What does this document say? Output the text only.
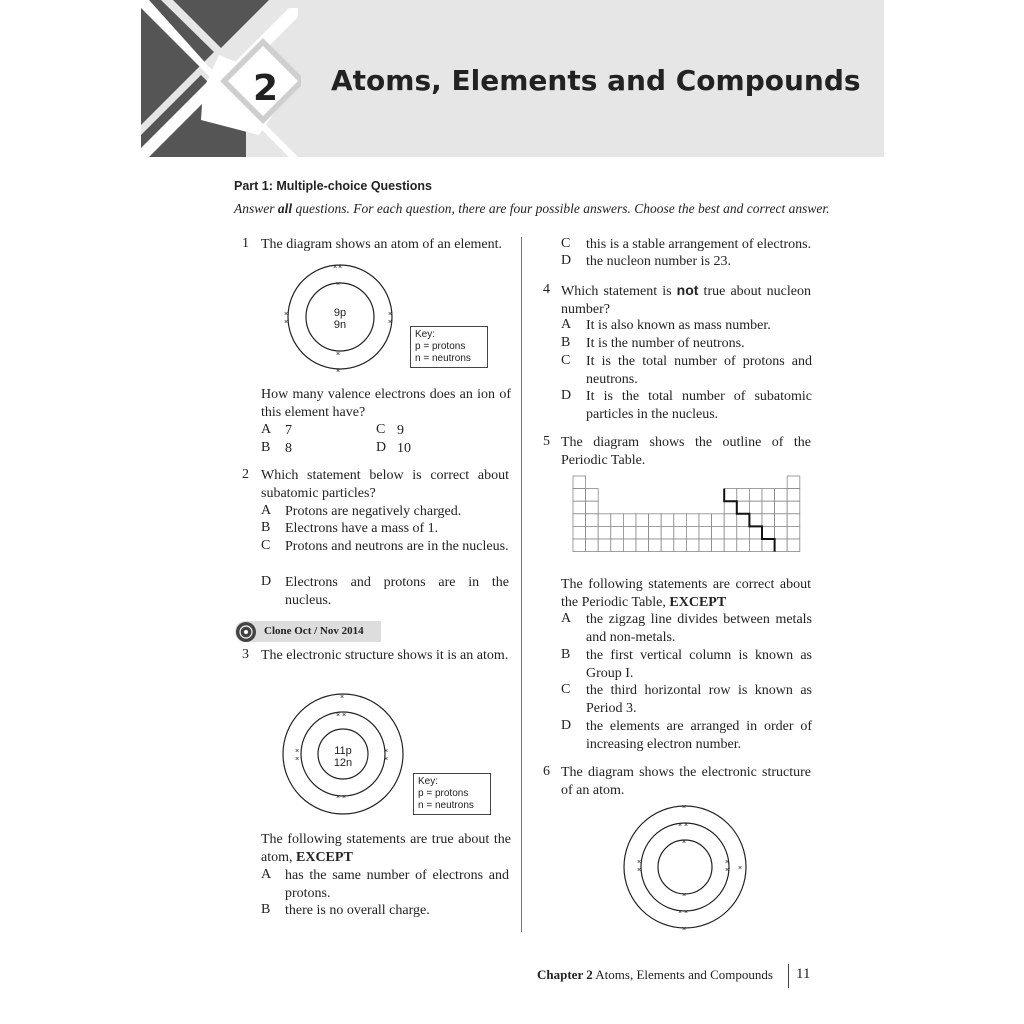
2 Atoms, Elements and Compounds
Part 1: Multiple-choice Questions
Answer all questions. For each question, there are four possible answers. Choose the best and correct answer.
1 The diagram shows an atom of an element.
× ×
×
×
×
×
×
×
×
9p
9n
Key:
p = protons
n = neutrons
How many valence electrons does an ion of this element have?
A 7	C 9
B 8	D 10
2 Which statement below is correct about subatomic particles?
A Protons are negatively charged.
B Electrons have a mass of 1.
C Protons and neutrons are in the nucleus.
D Electrons and protons are in the nucleus.
Clone Oct / Nov 2014
3 The electronic structure shows it is an atom.
×
× ×
×
×
×
×
× ×
11p
12n
Key:
p = protons
n = neutrons
The following statements are true about the atom, EXCEPT
A has the same number of electrons and protons.
B there is no overall charge.
C this is a stable arrangement of electrons.
D the nucleon number is 23.
4 Which statement is not true about nucleon number?
A It is also known as mass number.
B It is the number of neutrons.
C It is the total number of protons and neutrons.
D It is the total number of subatomic particles in the nucleus.
5 The diagram shows the outline of the Periodic Table.
The following statements are correct about the Periodic Table, EXCEPT
A the zigzag line divides between metals and non-metals.
B the first vertical column is known as Group I.
C the third horizontal row is known as Period 3.
D the elements are arranged in order of increasing electron number.
6 The diagram shows the electronic structure of an atom.
×
× ×
×
×
×
×
× ×
×
× ×
×
Chapter 2 Atoms, Elements and Compounds 11
